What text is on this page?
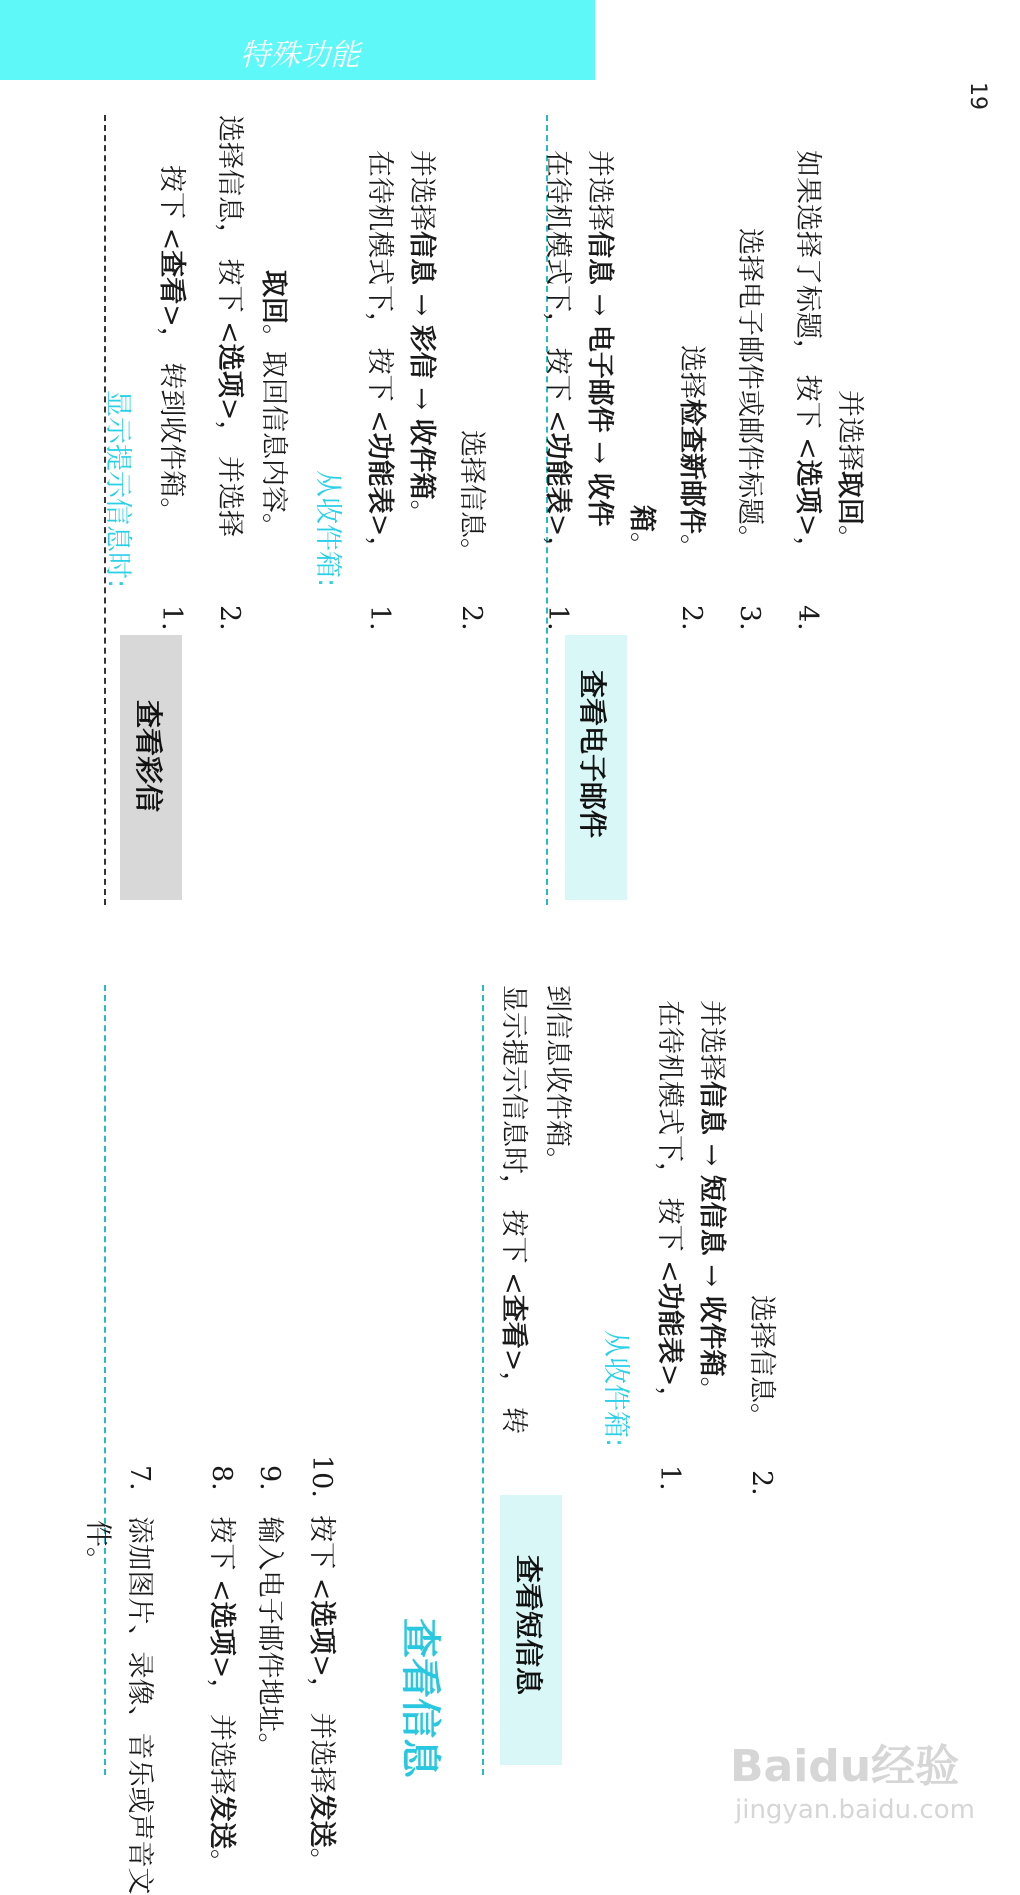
特殊功能
19
7.   添加图片、录像、音乐或声音文
件。
8.   按下 <选项>， 并选择发送。
9.   输入电子邮件地址。
10.  按下 <选项>， 并选择发送。
查看信息	查看短信息
显示提示信息时， 按下 <查看>， 转
到信息收件箱。
从收件箱:
1.
在待机模式下， 按下 <功能表>，
并选择信息 → 短信息 → 收件箱。
2.
选择信息。
查看彩信
显示提示信息时:
1.
按下 <查看>， 转到收件箱。
2.
选择信息， 按下 <选项>， 并选择
取回。取回信息内容。 从收件箱:
1.
在待机模式下， 按下 <功能表>，
并选择信息 → 彩信 → 收件箱。
2.
选择信息。
查看电子邮件
1.
在待机模式下， 按下 <功能表>，
并选择信息 → 电子邮件 → 收件 箱。
2.
选择检查新邮件。
3.
选择电子邮件或邮件标题。
4.
如果选择了标题， 按下 <选项>，
并选择取回。
Baidu经验
jingyan.baidu.com
